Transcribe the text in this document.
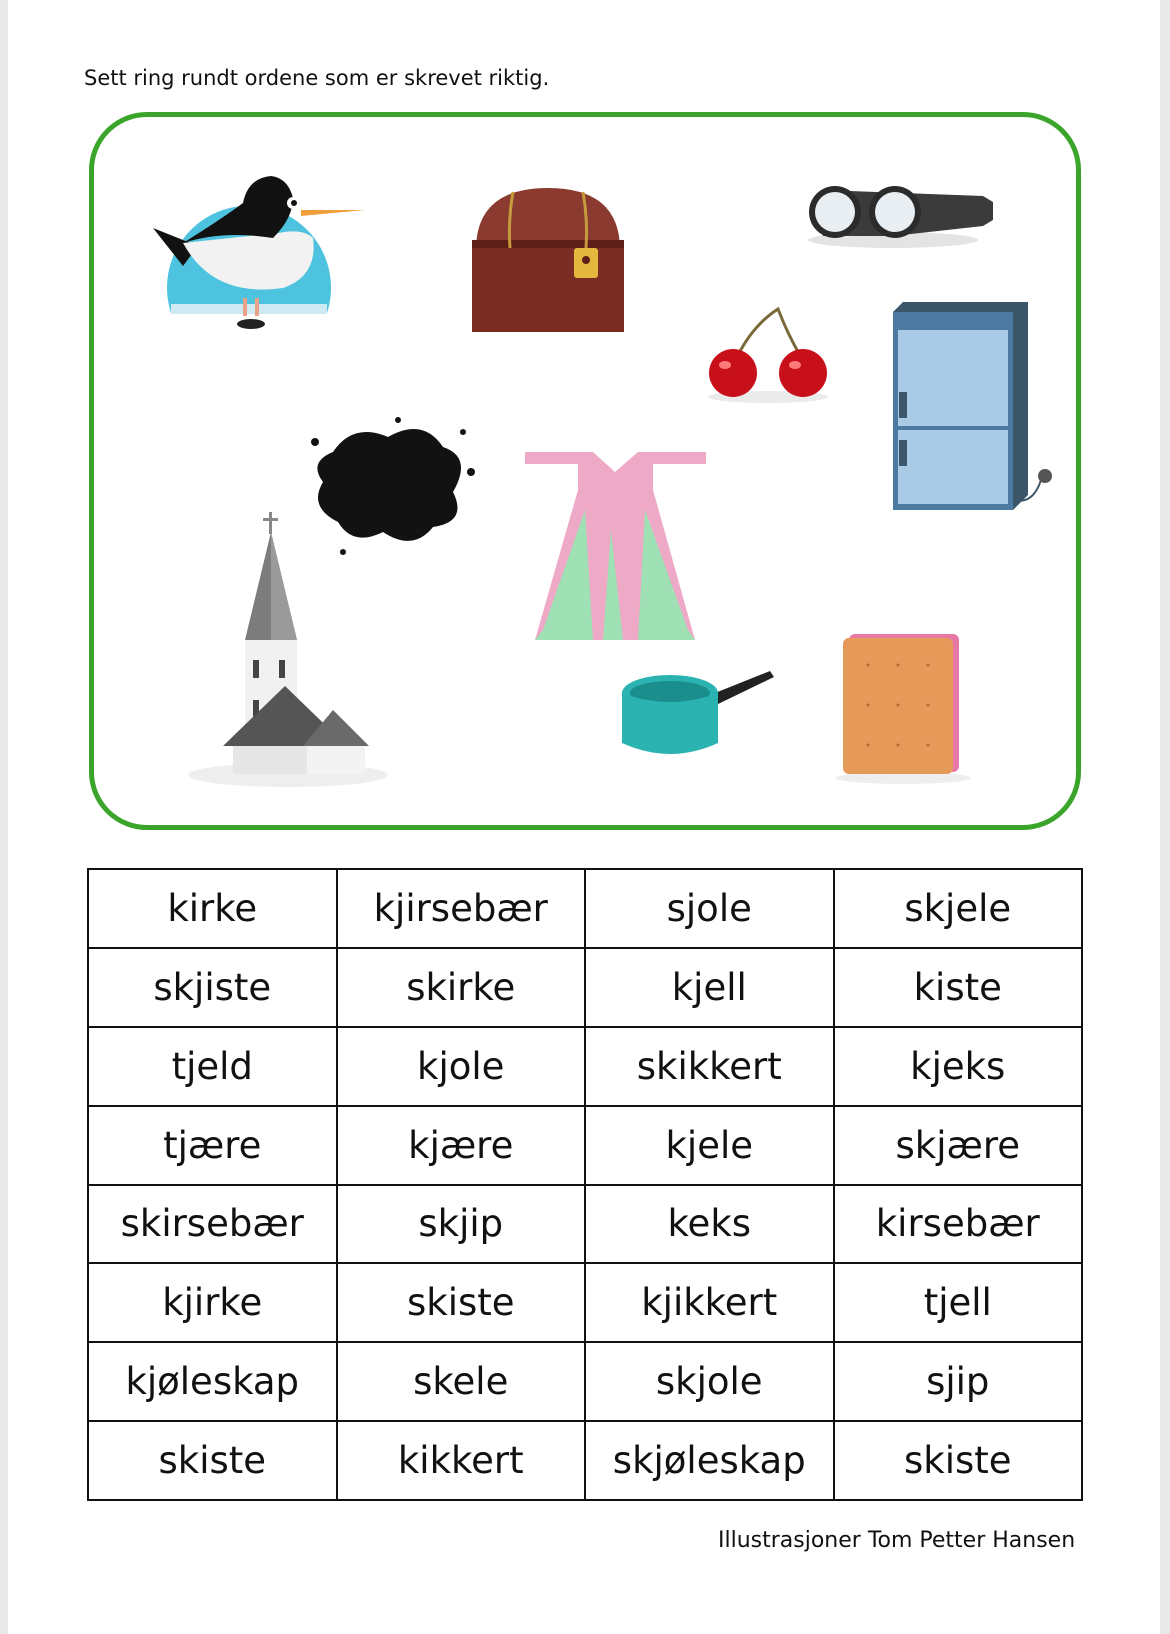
Sett ring rundt ordene som er skrevet riktig.
kirke	kjirsebær	sjole	skjele
skjiste	skirke	kjell	kiste
tjeld	kjole	skikkert	kjeks
tjære	kjære	kjele	skjære
skirsebær	skjip	keks	kirsebær
kjirke	skiste	kjikkert	tjell
kjøleskap	skele	skjole	sjip
skiste	kikkert	skjøleskap	skiste
Illustrasjoner Tom Petter Hansen
